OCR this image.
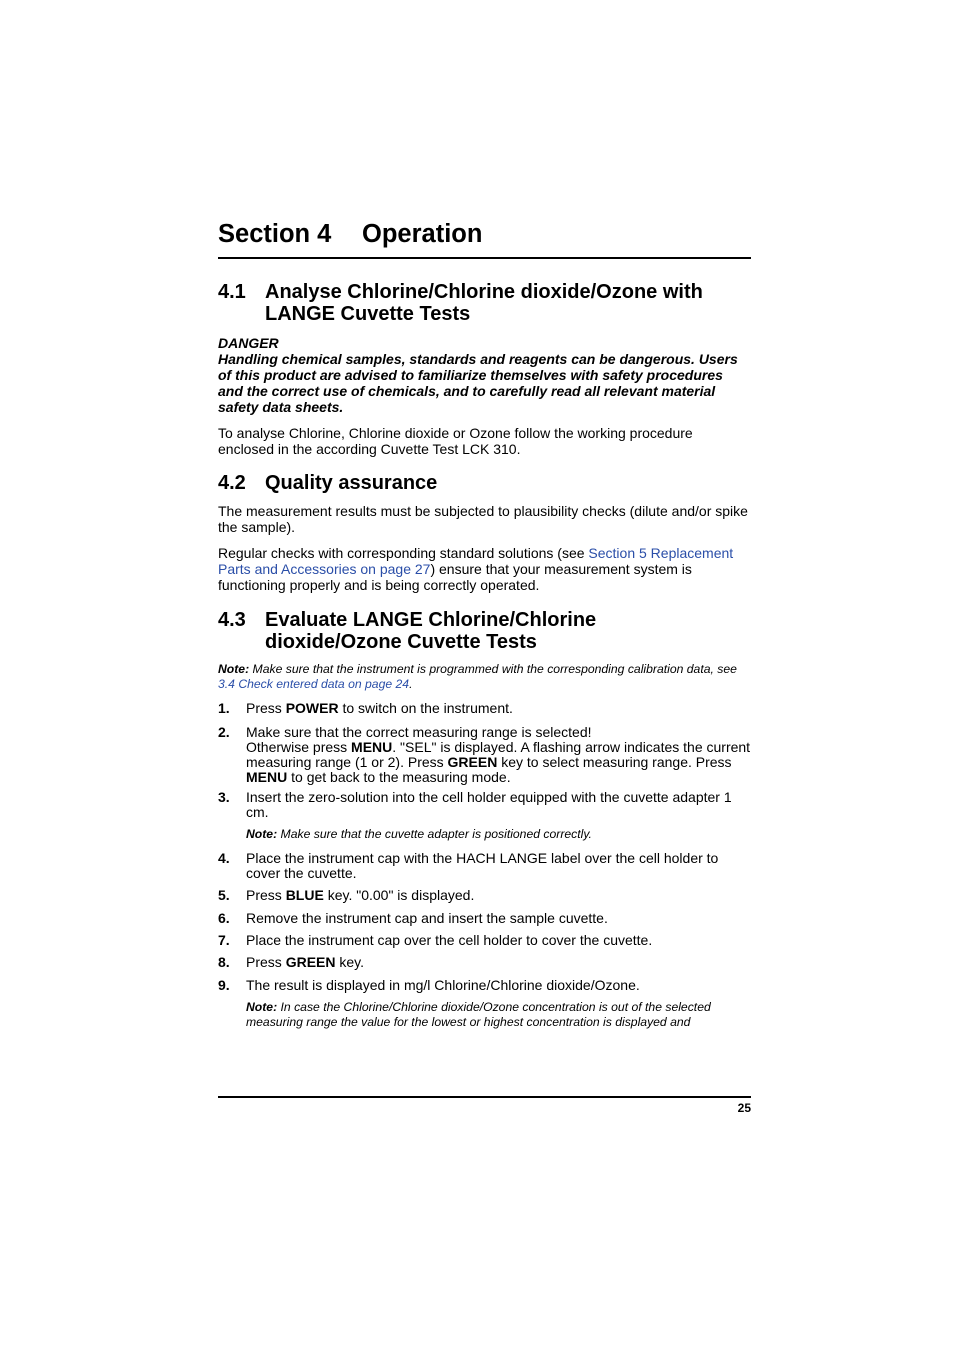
Section 4 Operation
4.1 Analyse Chlorine/Chlorine dioxide/Ozone with LANGE Cuvette Tests
DANGER
Handling chemical samples, standards and reagents can be dangerous. Users of this product are advised to familiarize themselves with safety procedures and the correct use of chemicals, and to carefully read all relevant material safety data sheets.
To analyse Chlorine, Chlorine dioxide or Ozone follow the working procedure enclosed in the according Cuvette Test LCK 310.
4.2 Quality assurance
The measurement results must be subjected to plausibility checks (dilute and/or spike the sample).
Regular checks with corresponding standard solutions (see Section 5 Replacement Parts and Accessories on page 27) ensure that your measurement system is functioning properly and is being correctly operated.
4.3 Evaluate LANGE Chlorine/Chlorine dioxide/Ozone Cuvette Tests
Note: Make sure that the instrument is programmed with the corresponding calibration data, see 3.4 Check entered data on page 24.
1. Press POWER to switch on the instrument.
2. Make sure that the correct measuring range is selected!
Otherwise press MENU. "SEL" is displayed. A flashing arrow indicates the current measuring range (1 or 2). Press GREEN key to select measuring range. Press MENU to get back to the measuring mode.
3. Insert the zero-solution into the cell holder equipped with the cuvette adapter 1 cm.
Note: Make sure that the cuvette adapter is positioned correctly.
4. Place the instrument cap with the HACH LANGE label over the cell holder to cover the cuvette.
5. Press BLUE key. "0.00" is displayed.
6. Remove the instrument cap and insert the sample cuvette.
7. Place the instrument cap over the cell holder to cover the cuvette.
8. Press GREEN key.
9. The result is displayed in mg/l Chlorine/Chlorine dioxide/Ozone.
Note: In case the Chlorine/Chlorine dioxide/Ozone concentration is out of the selected measuring range the value for the lowest or highest concentration is displayed and
25
